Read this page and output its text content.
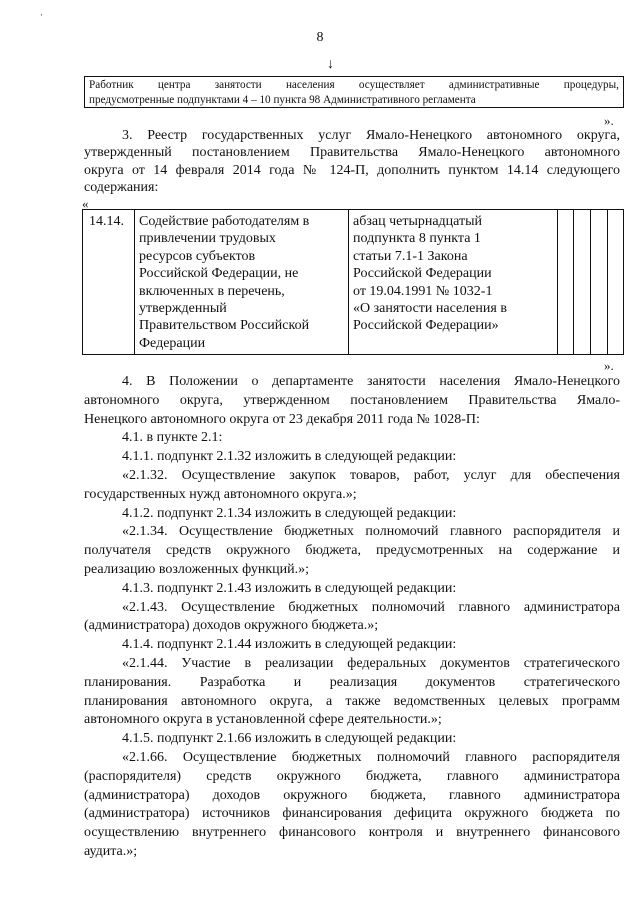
·
8
↓
Работник центра занятости населения осуществляет административные процедуры,
предусмотренные подпунктами 4 – 10 пункта 98 Административного регламента
».
3. Реестр государственных услуг Ямало-Ненецкого автономного округа,
утвержденный постановлением Правительства Ямало-Ненецкого автономного
округа от 14 февраля 2014 года № 124-П, дополнить пунктом 14.14 следующего
содержания:
«
14.14. Содействие работодателям в
привлечении трудовых
ресурсов субъектов
Российской Федерации, не
включенных в перечень,
утвержденный
Правительством Российской
Федерации
абзац четырнадцатый
подпункта 8 пункта 1
статьи 7.1-1 Закона
Российской Федерации
от 19.04.1991 № 1032-1
«О занятости населения в
Российской Федерации»
».
4. В Положении о департаменте занятости населения Ямало-Ненецкого
автономного округа, утвержденном постановлением Правительства Ямало-
Ненецкого автономного округа от 23 декабря 2011 года № 1028-П:
4.1. в пункте 2.1:
4.1.1. подпункт 2.1.32 изложить в следующей редакции:
«2.1.32. Осуществление закупок товаров, работ, услуг для обеспечения
государственных нужд автономного округа.»;
4.1.2. подпункт 2.1.34 изложить в следующей редакции:
«2.1.34. Осуществление бюджетных полномочий главного распорядителя и
получателя средств окружного бюджета, предусмотренных на содержание и
реализацию возложенных функций.»;
4.1.3. подпункт 2.1.43 изложить в следующей редакции:
«2.1.43. Осуществление бюджетных полномочий главного администратора
(администратора) доходов окружного бюджета.»;
4.1.4. подпункт 2.1.44 изложить в следующей редакции:
«2.1.44. Участие в реализации федеральных документов стратегического
планирования. Разработка и реализация документов стратегического
планирования автономного округа, а также ведомственных целевых программ
автономного округа в установленной сфере деятельности.»;
4.1.5. подпункт 2.1.66 изложить в следующей редакции:
«2.1.66. Осуществление бюджетных полномочий главного распорядителя
(распорядителя) средств окружного бюджета, главного администратора
(администратора) доходов окружного бюджета, главного администратора
(администратора) источников финансирования дефицита окружного бюджета по
осуществлению внутреннего финансового контроля и внутреннего финансового
аудита.»;
